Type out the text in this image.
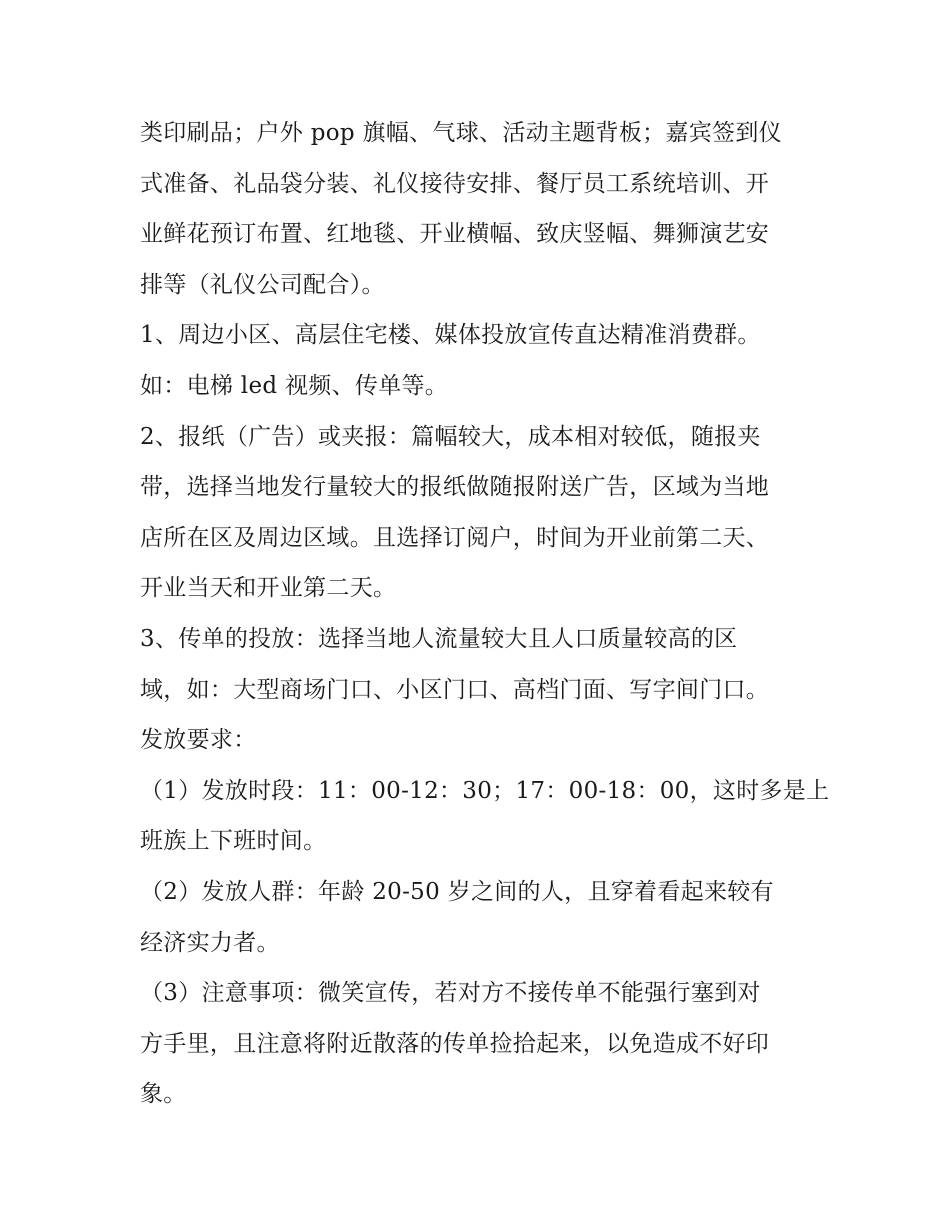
类印刷品；户外 pop 旗幅、气球、活动主题背板；嘉宾签到仪
式准备、礼品袋分装、礼仪接待安排、餐厅员工系统培训、开
业鲜花预订布置、红地毯、开业横幅、致庆竖幅、舞狮演艺安
排等（礼仪公司配合）。
1、周边小区、高层住宅楼、媒体投放宣传直达精准消费群。
如：电梯 led 视频、传单等。
2、报纸（广告）或夹报：篇幅较大，成本相对较低，随报夹
带，选择当地发行量较大的报纸做随报附送广告，区域为当地
店所在区及周边区域。且选择订阅户，时间为开业前第二天、
开业当天和开业第二天。
3、传单的投放：选择当地人流量较大且人口质量较高的区
域，如：大型商场门口、小区门口、高档门面、写字间门口。
发放要求：
（1）发放时段：11：00-12：30；17：00-18：00，这时多是上
班族上下班时间。
（2）发放人群：年龄 20-50 岁之间的人，且穿着看起来较有
经济实力者。
（3）注意事项：微笑宣传，若对方不接传单不能强行塞到对
方手里，且注意将附近散落的传单捡拾起来，以免造成不好印
象。
